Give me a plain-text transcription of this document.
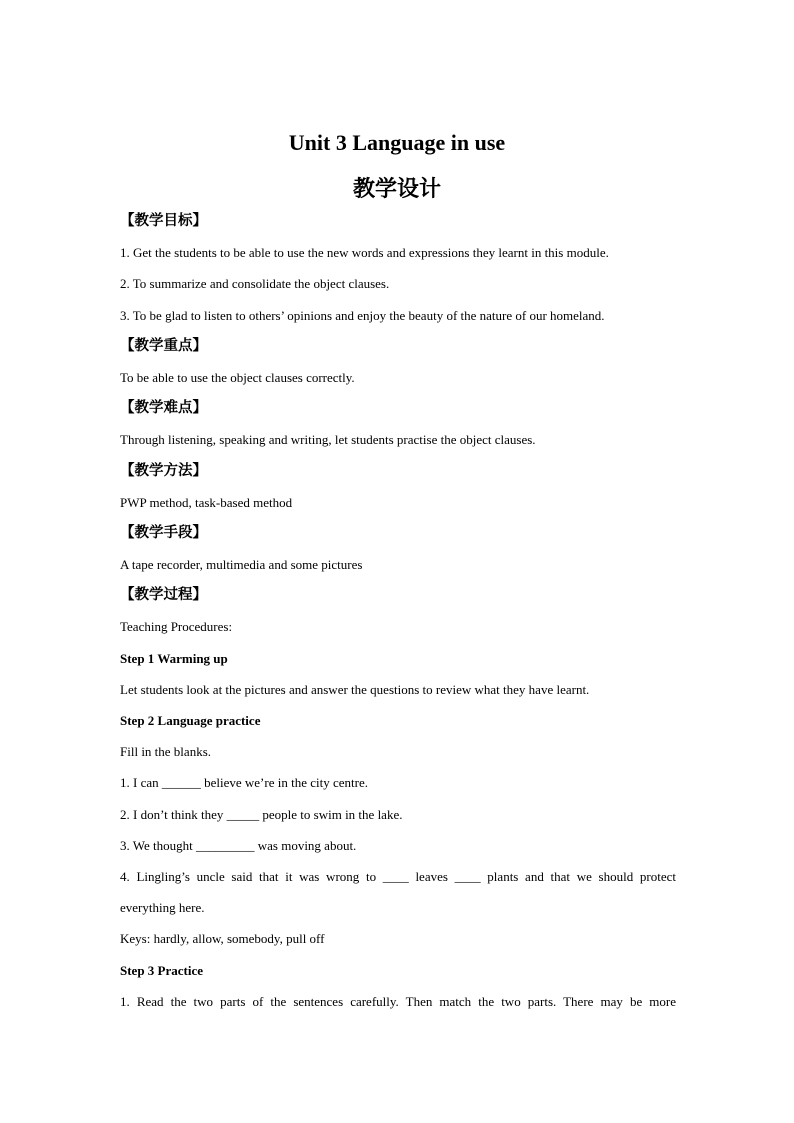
Unit 3 Language in use
教学设计
【教学目标】
1. Get the students to be able to use the new words and expressions they learnt in this module.
2. To summarize and consolidate the object clauses.
3. To be glad to listen to others’ opinions and enjoy the beauty of the nature of our homeland.
【教学重点】
To be able to use the object clauses correctly.
【教学难点】
Through listening, speaking and writing, let students practise the object clauses.
【教学方法】
PWP method, task-based method
【教学手段】
A tape recorder, multimedia and some pictures
【教学过程】
Teaching Procedures:
Step 1 Warming up
Let students look at the pictures and answer the questions to review what they have learnt.
Step 2 Language practice
Fill in the blanks.
1. I can ______ believe we’re in the city centre.
2. I don’t think they _____ people to swim in the lake.
3. We thought _________ was moving about.
4. Lingling’s uncle said that it was wrong to ____ leaves ____ plants and that we should protect
everything here.
Keys: hardly, allow, somebody, pull off
Step 3 Practice
1. Read the two parts of the sentences carefully. Then match the two parts. There may be more
